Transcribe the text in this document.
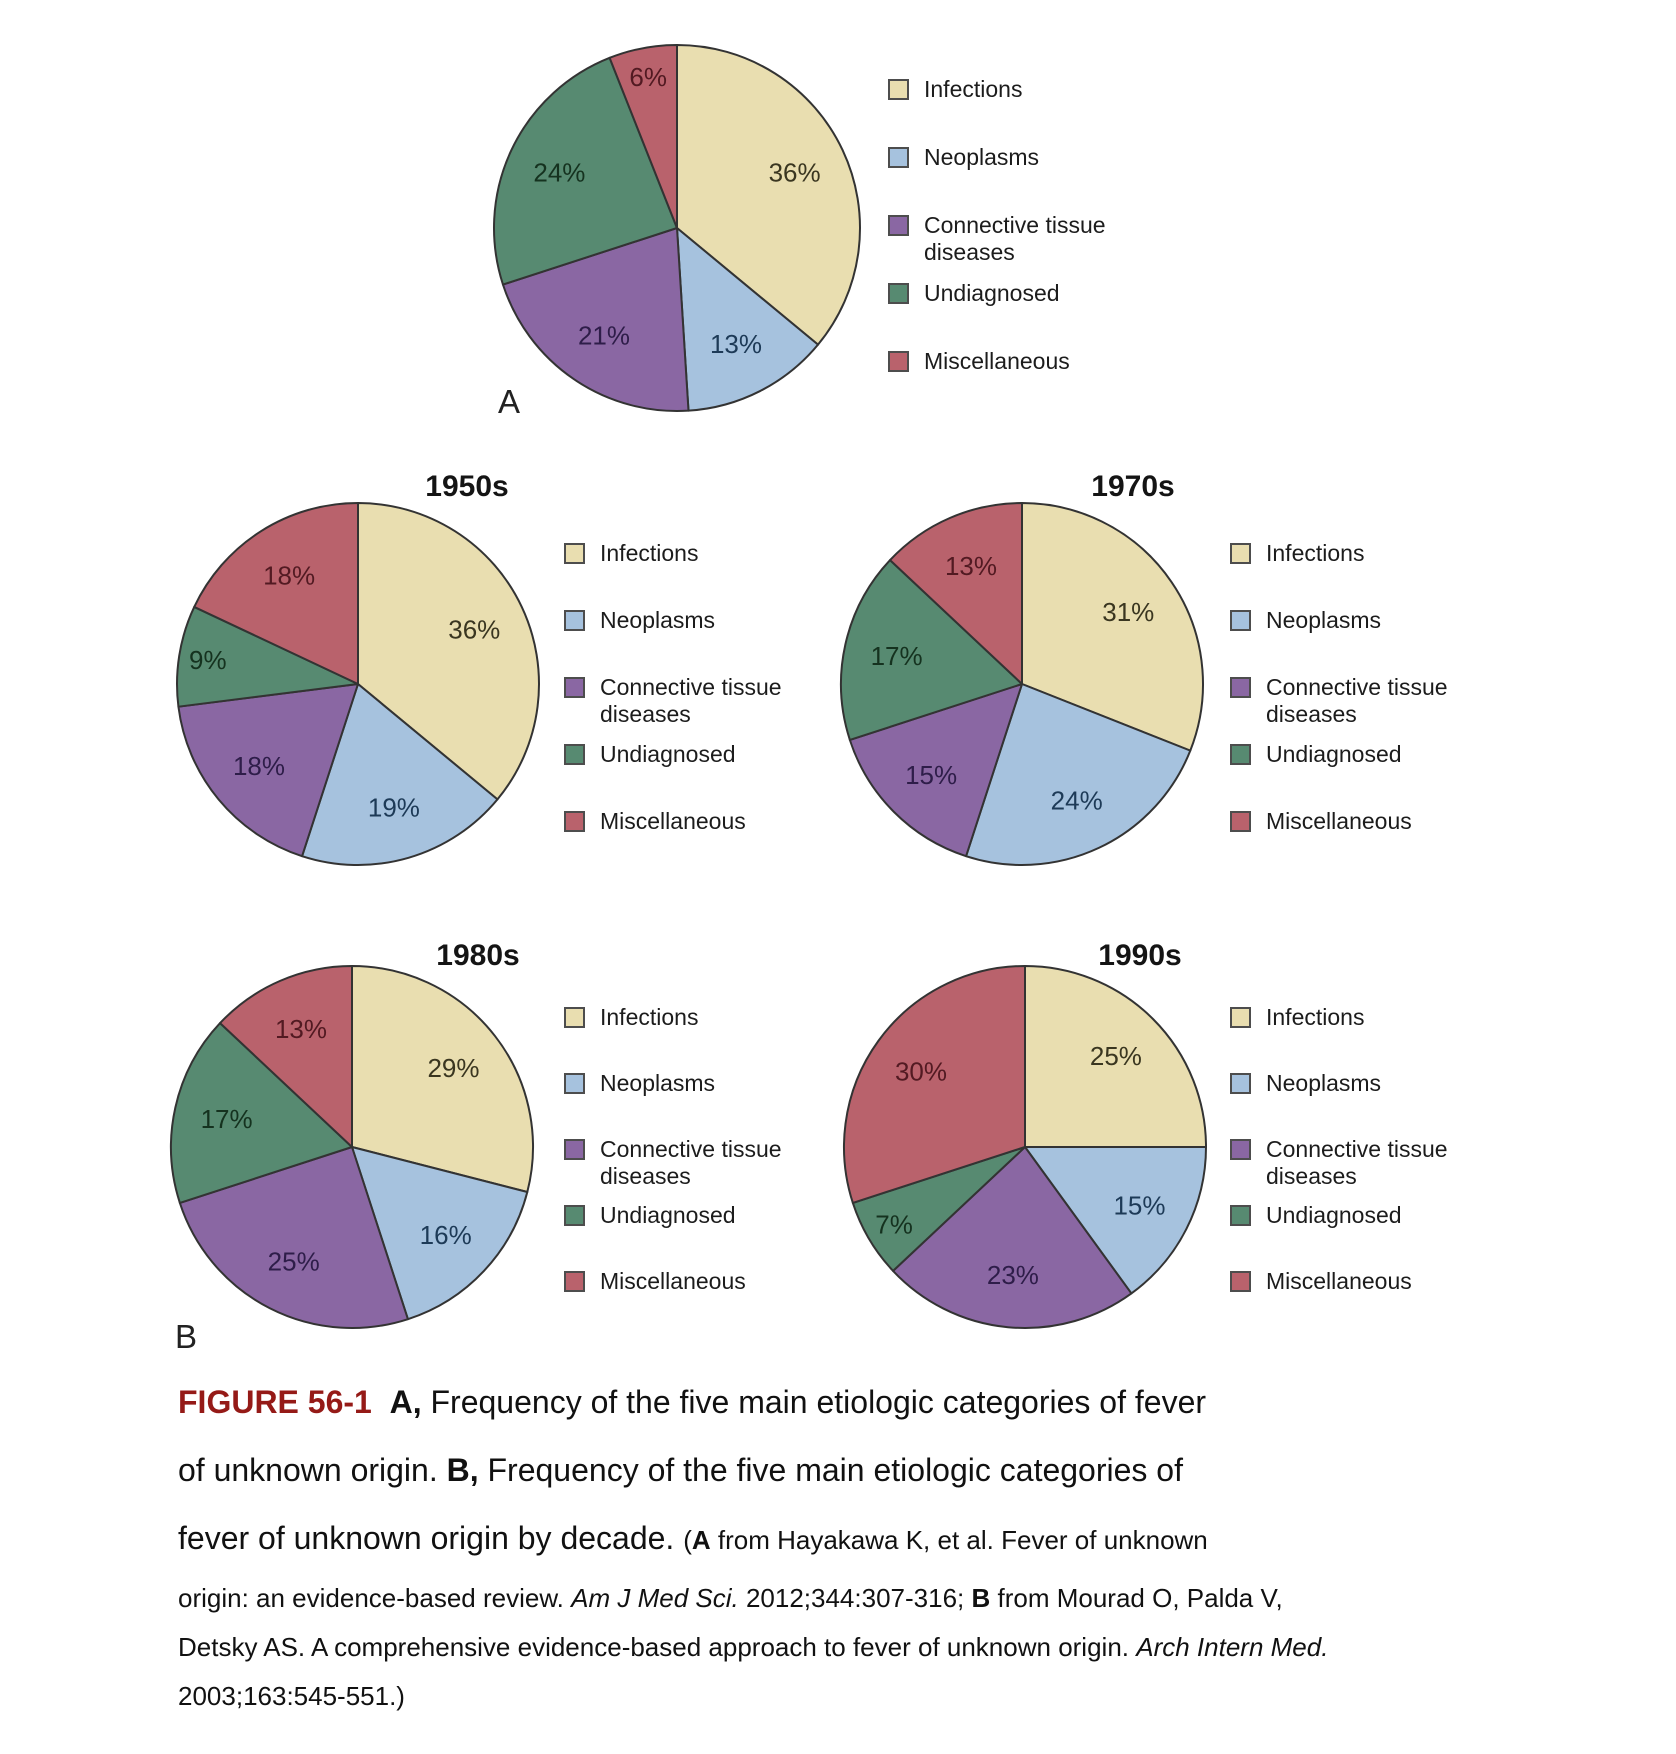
36%
13%
21%
24%
6%	Infections
Neoplasms
Connective tissue diseases
Undiagnosed
Miscellaneous
1950s
36%
19%
18%
9%
18%
Infections
Neoplasms
Connective tissue diseases
Undiagnosed
Miscellaneous
1970s
31%
24%
15%
17%
13%	Infections
Neoplasms
Connective tissue diseases
Undiagnosed
Miscellaneous
1980s
29%
16%
25%
17%
13%	Infections
Neoplasms
Connective tissue diseases
Undiagnosed
Miscellaneous
1990s
25%
15%
23%
7%
30%
Infections
Neoplasms
Connective tissue diseases
Undiagnosed
Miscellaneous
A
B
FIGURE 56-1 A, Frequency of the five main etiologic categories of fever
of unknown origin. B, Frequency of the five main etiologic categories of
fever of unknown origin by decade. (A from Hayakawa K, et al. Fever of unknown
origin: an evidence-based review. Am J Med Sci. 2012;344:307-316; B from Mourad O, Palda V,
Detsky AS. A comprehensive evidence-based approach to fever of unknown origin. Arch Intern Med.
2003;163:545-551.)
